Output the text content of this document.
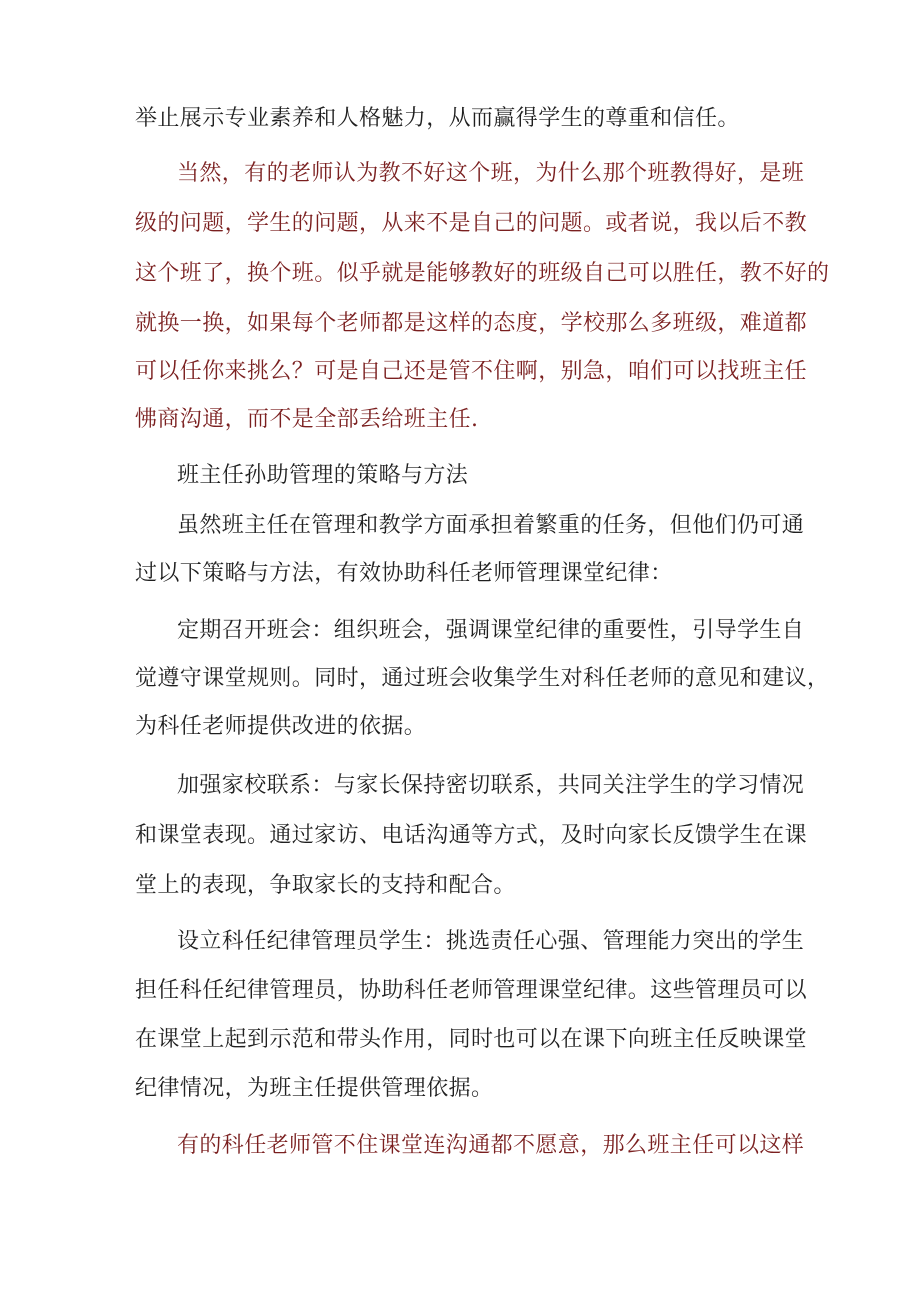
举止展示专业素养和人格魅力，从而赢得学生的尊重和信任。
当然，有的老师认为教不好这个班，为什么那个班教得好，是班
级的问题，学生的问题，从来不是自己的问题。或者说，我以后不教
这个班了，换个班。似乎就是能够教好的班级自己可以胜任，教不好的
就换一换，如果每个老师都是这样的态度，学校那么多班级，难道都
可以任你来挑么？可是自己还是管不住啊，别急，咱们可以找班主任
怫商沟通，而不是全部丢给班主任.
班主任孙助管理的策略与方法
虽然班主任在管理和教学方面承担着繁重的任务，但他们仍可通
过以下策略与方法，有效协助科任老师管理课堂纪律：
定期召开班会：组织班会，强调课堂纪律的重要性，引导学生自
觉遵守课堂规则。同时，通过班会收集学生对科任老师的意见和建议，
为科任老师提供改进的依据。
加强家校联系：与家长保持密切联系，共同关注学生的学习情况
和课堂表现。通过家访、电话沟通等方式，及时向家长反馈学生在课
堂上的表现，争取家长的支持和配合。
设立科任纪律管理员学生：挑选责任心强、管理能力突出的学生
担任科任纪律管理员，协助科任老师管理课堂纪律。这些管理员可以
在课堂上起到示范和带头作用，同时也可以在课下向班主任反映课堂
纪律情况，为班主任提供管理依据。
有的科任老师管不住课堂连沟通都不愿意，那么班主任可以这样
